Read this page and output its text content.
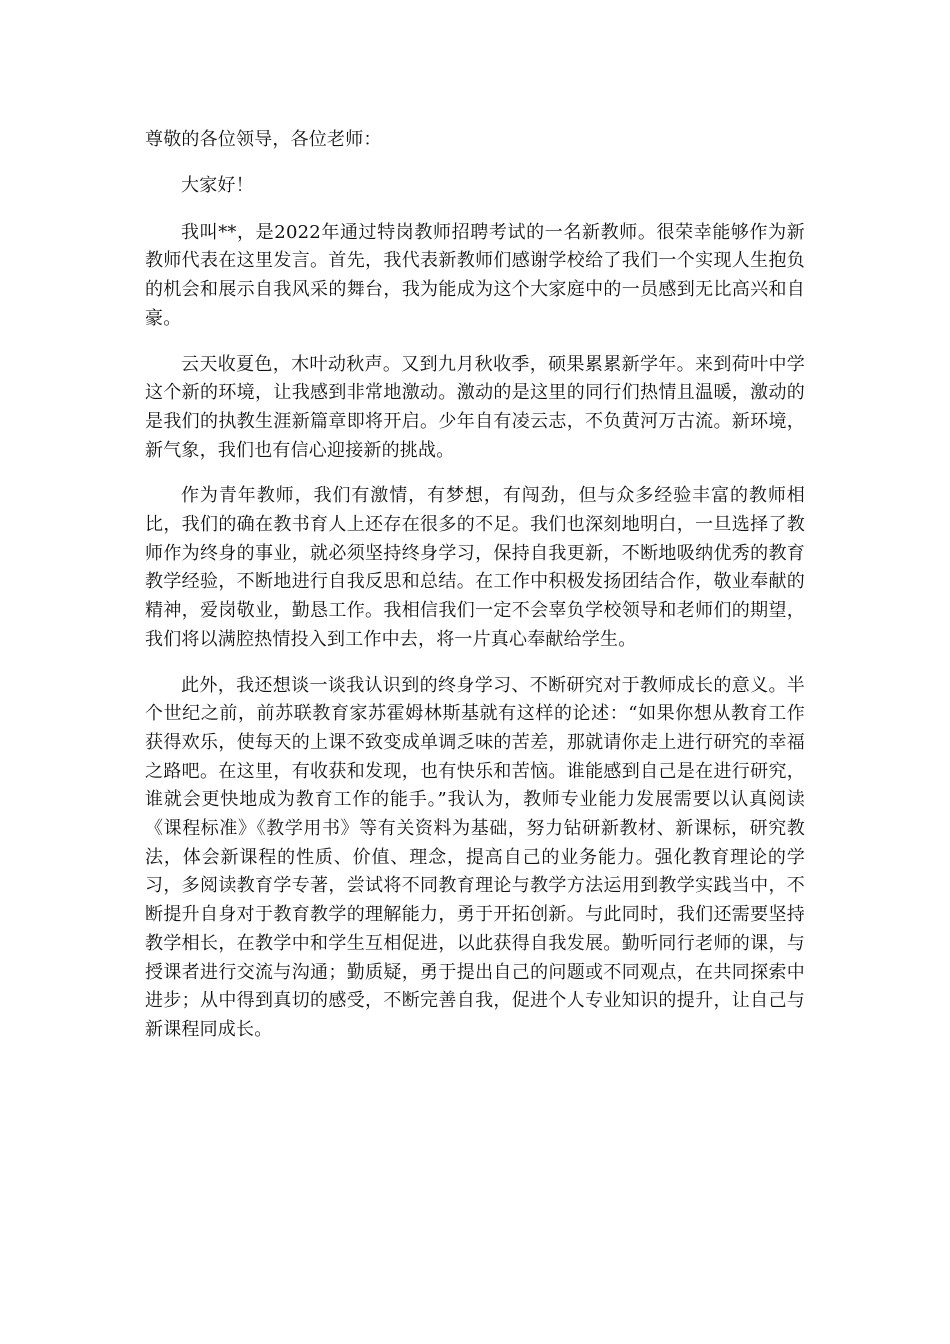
尊敬的各位领导，各位老师：

大家好！

我叫**，是2022年通过特岗教师招聘考试的一名新教师。很荣幸能够作为新教师代表在这里发言。首先，我代表新教师们感谢学校给了我们一个实现人生抱负的机会和展示自我风采的舞台，我为能成为这个大家庭中的一员感到无比高兴和自豪。

云天收夏色，木叶动秋声。又到九月秋收季，硕果累累新学年。来到荷叶中学这个新的环境，让我感到非常地激动。激动的是这里的同行们热情且温暖，激动的是我们的执教生涯新篇章即将开启。少年自有凌云志，不负黄河万古流。新环境，新气象，我们也有信心迎接新的挑战。

作为青年教师，我们有激情，有梦想，有闯劲，但与众多经验丰富的教师相比，我们的确在教书育人上还存在很多的不足。我们也深刻地明白，一旦选择了教师作为终身的事业，就必须坚持终身学习，保持自我更新，不断地吸纳优秀的教育教学经验，不断地进行自我反思和总结。在工作中积极发扬团结合作，敬业奉献的精神，爱岗敬业，勤恳工作。我相信我们一定不会辜负学校领导和老师们的期望，我们将以满腔热情投入到工作中去，将一片真心奉献给学生。

此外，我还想谈一谈我认识到的终身学习、不断研究对于教师成长的意义。半个世纪之前，前苏联教育家苏霍姆林斯基就有这样的论述：“如果你想从教育工作获得欢乐，使每天的上课不致变成单调乏味的苦差，那就请你走上进行研究的幸福之路吧。在这里，有收获和发现，也有快乐和苦恼。谁能感到自己是在进行研究，谁就会更快地成为教育工作的能手。”我认为，教师专业能力发展需要以认真阅读《课程标准》《教学用书》等有关资料为基础，努力钻研新教材、新课标，研究教法，体会新课程的性质、价值、理念，提高自己的业务能力。强化教育理论的学习，多阅读教育学专著，尝试将不同教育理论与教学方法运用到教学实践当中，不断提升自身对于教育教学的理解能力，勇于开拓创新。与此同时，我们还需要坚持教学相长，在教学中和学生互相促进，以此获得自我发展。勤听同行老师的课，与授课者进行交流与沟通；勤质疑，勇于提出自己的问题或不同观点，在共同探索中进步；从中得到真切的感受，不断完善自我，促进个人专业知识的提升，让自己与新课程同成长。
